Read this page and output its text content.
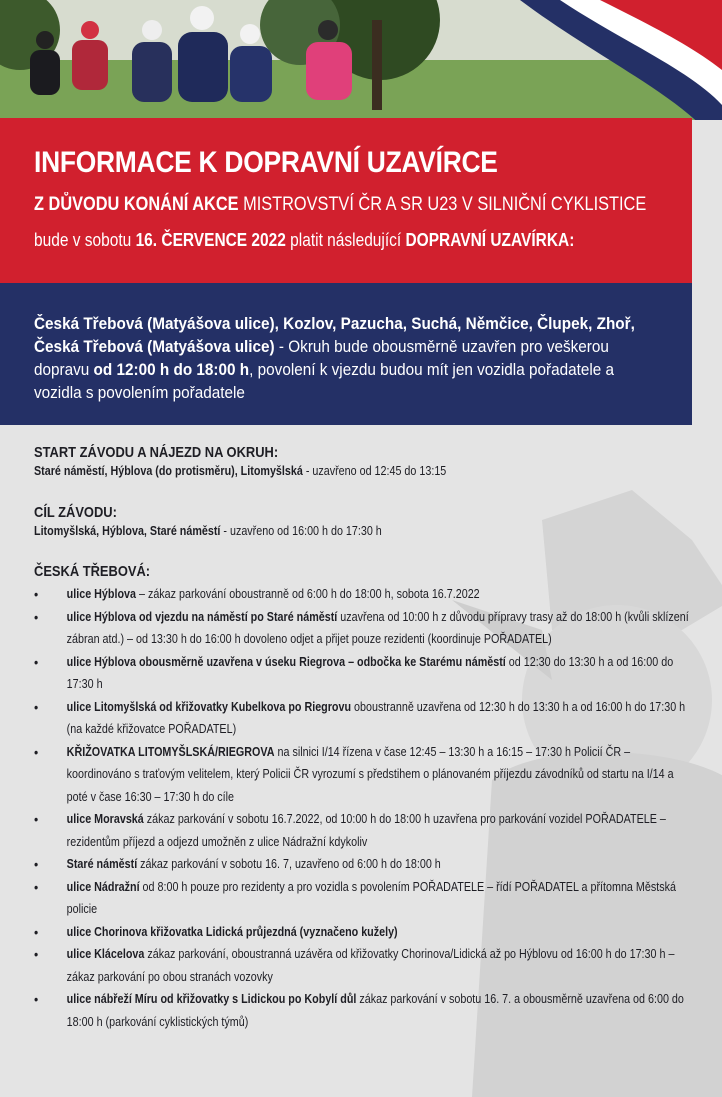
INFORMACE K DOPRAVNÍ UZAVÍRCE
Z DŮVODU KONÁNÍ AKCE MISTROVSTVÍ ČR A SR U23 V SILNIČNÍ CYKLISTICE
bude v sobotu 16. ČERVENCE 2022 platit následující DOPRAVNÍ UZAVÍRKA:

Česká Třebová (Matyášova ulice), Kozlov, Pazucha, Suchá, Němčice, Člupek, Zhoř, Česká Třebová (Matyášova ulice) - Okruh bude obousměrně uzavřen pro veškerou dopravu od 12:00 h do 18:00 h, povolení k vjezdu budou mít jen vozidla pořadatele a vozidla s povolením pořadatele

START ZÁVODU A NÁJEZD NA OKRUH:
Staré náměstí, Hýblova (do protisměru), Litomyšlská - uzavřeno od 12:45 do 13:15
CÍL ZÁVODU:
Litomyšlská, Hýblova, Staré náměstí - uzavřeno od 16:00 h do 17:30 h
ČESKÁ TŘEBOVÁ:
• ulice Hýblova – zákaz parkování oboustranně od 6:00 h do 18:00 h, sobota 16.7.2022
• ulice Hýblova od vjezdu na náměstí po Staré náměstí uzavřena od 10:00 h z důvodu přípravy trasy až do 18:00 h (kvůli sklízení zábran atd.) – od 13:30 h do 16:00 h dovoleno odjet a přijet pouze rezidenti (koordinuje POŘADATEL)
• ulice Hýblova obousměrně uzavřena v úseku Riegrova – odbočka ke Starému náměstí od 12:30 do 13:30 h a od 16:00 do 17:30 h
• ulice Litomyšlská od křižovatky Kubelkova po Riegrovu oboustranně uzavřena od 12:30 h do 13:30 h a od 16:00 h do 17:30 h (na každé křižovatce POŘADATEL)
• KŘIŽOVATKA LITOMYŠLSKÁ/RIEGROVA na silnici I/14 řízena v čase 12:45 – 13:30 h a 16:15 – 17:30 h Policií ČR – koordinováno s traťovým velitelem, který Policii ČR vyrozumí s předstihem o plánovaném příjezdu závodníků od startu na I/14 a poté v čase 16:30 – 17:30 h do cíle
• ulice Moravská zákaz parkování v sobotu 16.7.2022, od 10:00 h do 18:00 h uzavřena pro parkování vozidel POŘADATELE – rezidentům příjezd a odjezd umožněn z ulice Nádražní kdykoliv
• Staré náměstí zákaz parkování v sobotu 16. 7, uzavřeno od 6:00 h do 18:00 h
• ulice Nádražní od 8:00 h pouze pro rezidenty a pro vozidla s povolením POŘADATELE – řídí POŘADATEL a přítomna Městská policie
• ulice Chorinova křižovatka Lidická průjezdná (vyznačeno kužely)
• ulice Klácelova zákaz parkování, oboustranná uzávěra od křižovatky Chorinova/Lidická až po Hýblovu od 16:00 h do 17:30 h – zákaz parkování po obou stranách vozovky
• ulice nábřeží Míru od křižovatky s Lidickou po Kobylí důl zákaz parkování v sobotu 16. 7. a obousměrně uzavřena od 6:00 do 18:00 h (parkování cyklistických týmů)
